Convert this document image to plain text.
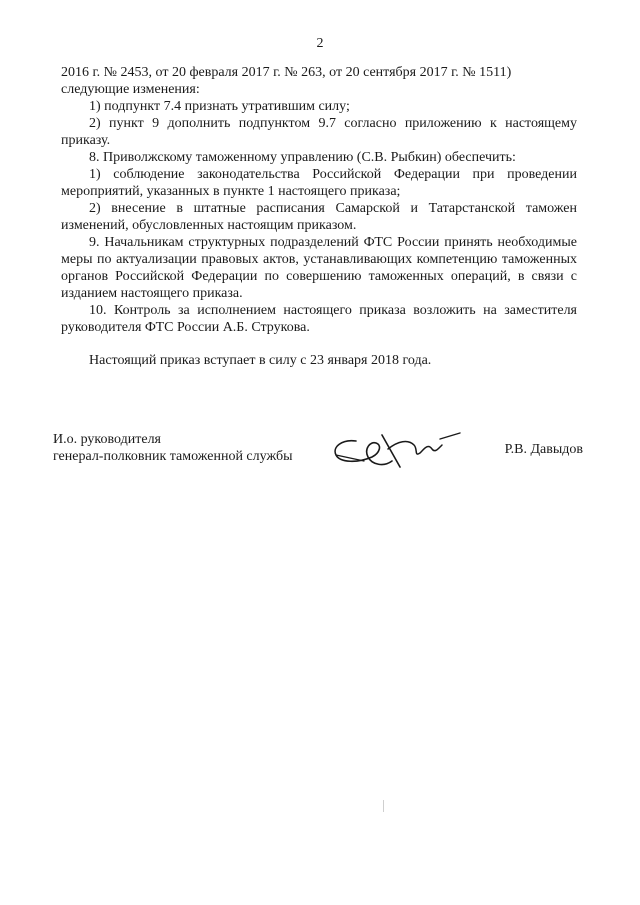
2

2016 г. № 2453, от 20 февраля 2017 г. № 263, от 20 сентября 2017 г. № 1511)

следующие изменения:

1) подпункт 7.4 признать утратившим силу;

2) пункт 9 дополнить подпунктом 9.7 согласно приложению к настоящему приказу.

8. Приволжскому таможенному управлению (С.В. Рыбкин) обеспечить:

1) соблюдение законодательства Российской Федерации при проведении мероприятий, указанных в пункте 1 настоящего приказа;

2) внесение в штатные расписания Самарской и Татарстанской таможен изменений, обусловленных настоящим приказом.

9. Начальникам структурных подразделений ФТС России принять необходимые меры по актуализации правовых актов, устанавливающих компетенцию таможенных органов Российской Федерации по совершению таможенных операций, в связи с изданием настоящего приказа.

10. Контроль за исполнением настоящего приказа возложить на заместителя руководителя ФТС России А.Б. Струкова.

Настоящий приказ вступает в силу с 23 января 2018 года.

И.о. руководителя
генерал-полковник таможенной службы	Р.В. Давыдов
